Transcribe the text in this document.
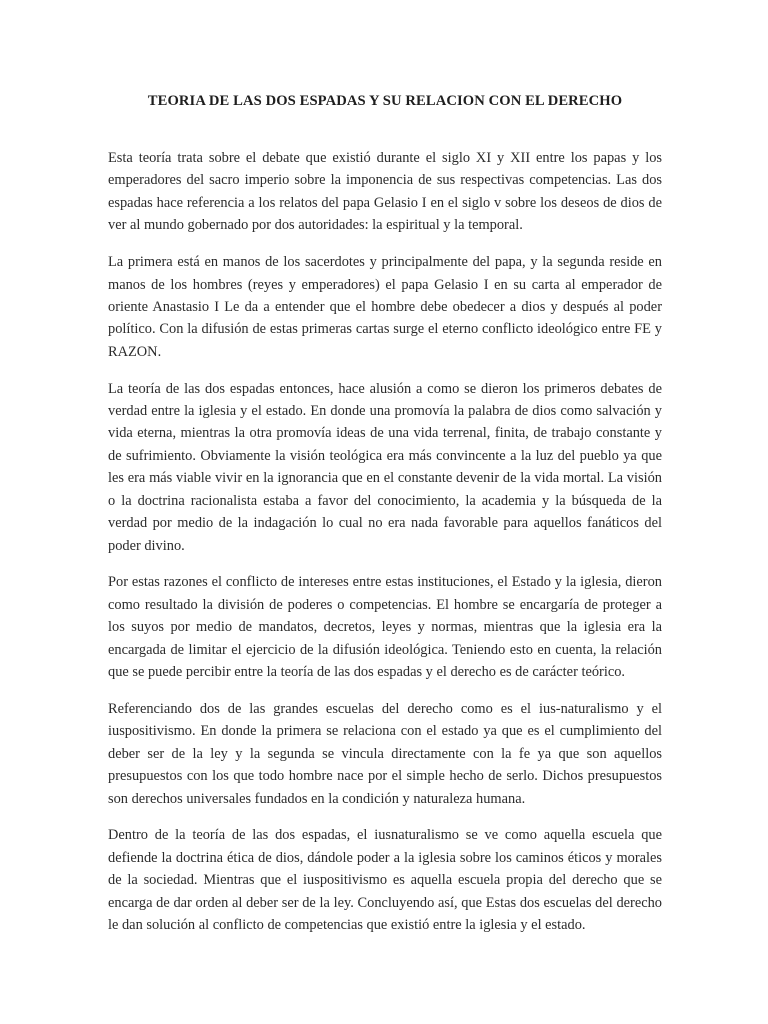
TEORIA DE LAS DOS ESPADAS Y SU RELACION CON EL DERECHO

Esta teoría trata sobre el debate que existió durante el siglo XI y XII entre los papas y los emperadores del sacro imperio sobre la imponencia de sus respectivas competencias. Las dos espadas hace referencia a los relatos del papa Gelasio I en el siglo v sobre los deseos de dios de ver al mundo gobernado por dos autoridades: la espiritual y la temporal.

La primera está en manos de los sacerdotes y principalmente del papa, y la segunda reside en manos de los hombres (reyes y emperadores) el papa Gelasio I en su carta al emperador de oriente Anastasio I Le da a entender que el hombre debe obedecer a dios y después al poder político. Con la difusión de estas primeras cartas surge el eterno conflicto ideológico entre FE y RAZON.

La teoría de las dos espadas entonces, hace alusión a como se dieron los primeros debates de verdad entre la iglesia y el estado. En donde una promovía la palabra de dios como salvación y vida eterna, mientras la otra promovía ideas de una vida terrenal, finita, de trabajo constante y de sufrimiento. Obviamente la visión teológica era más convincente a la luz del pueblo ya que les era más viable vivir en la ignorancia que en el constante devenir de la vida mortal. La visión o la doctrina racionalista estaba a favor del conocimiento, la academia y la búsqueda de la verdad por medio de la indagación lo cual no era nada favorable para aquellos fanáticos del poder divino.

Por estas razones el conflicto de intereses entre estas instituciones, el Estado y la iglesia, dieron como resultado la división de poderes o competencias. El hombre se encargaría de proteger a los suyos por medio de mandatos, decretos, leyes y normas, mientras que la iglesia era la encargada de limitar el ejercicio de la difusión ideológica. Teniendo esto en cuenta, la relación que se puede percibir entre la teoría de las dos espadas y el derecho es de carácter teórico.

Referenciando dos de las grandes escuelas del derecho como es el ius-naturalismo y el iuspositivismo. En donde la primera se relaciona con el estado ya que es el cumplimiento del deber ser de la ley y la segunda se vincula directamente con la fe ya que son aquellos presupuestos con los que todo hombre nace por el simple hecho de serlo. Dichos presupuestos son derechos universales fundados en la condición y naturaleza humana.

Dentro de la teoría de las dos espadas, el iusnaturalismo se ve como aquella escuela que defiende la doctrina ética de dios, dándole poder a la iglesia sobre los caminos éticos y morales de la sociedad. Mientras que el iuspositivismo es aquella escuela propia del derecho que se encarga de dar orden al deber ser de la ley. Concluyendo así, que Estas dos escuelas del derecho le dan solución al conflicto de competencias que existió entre la iglesia y el estado.
